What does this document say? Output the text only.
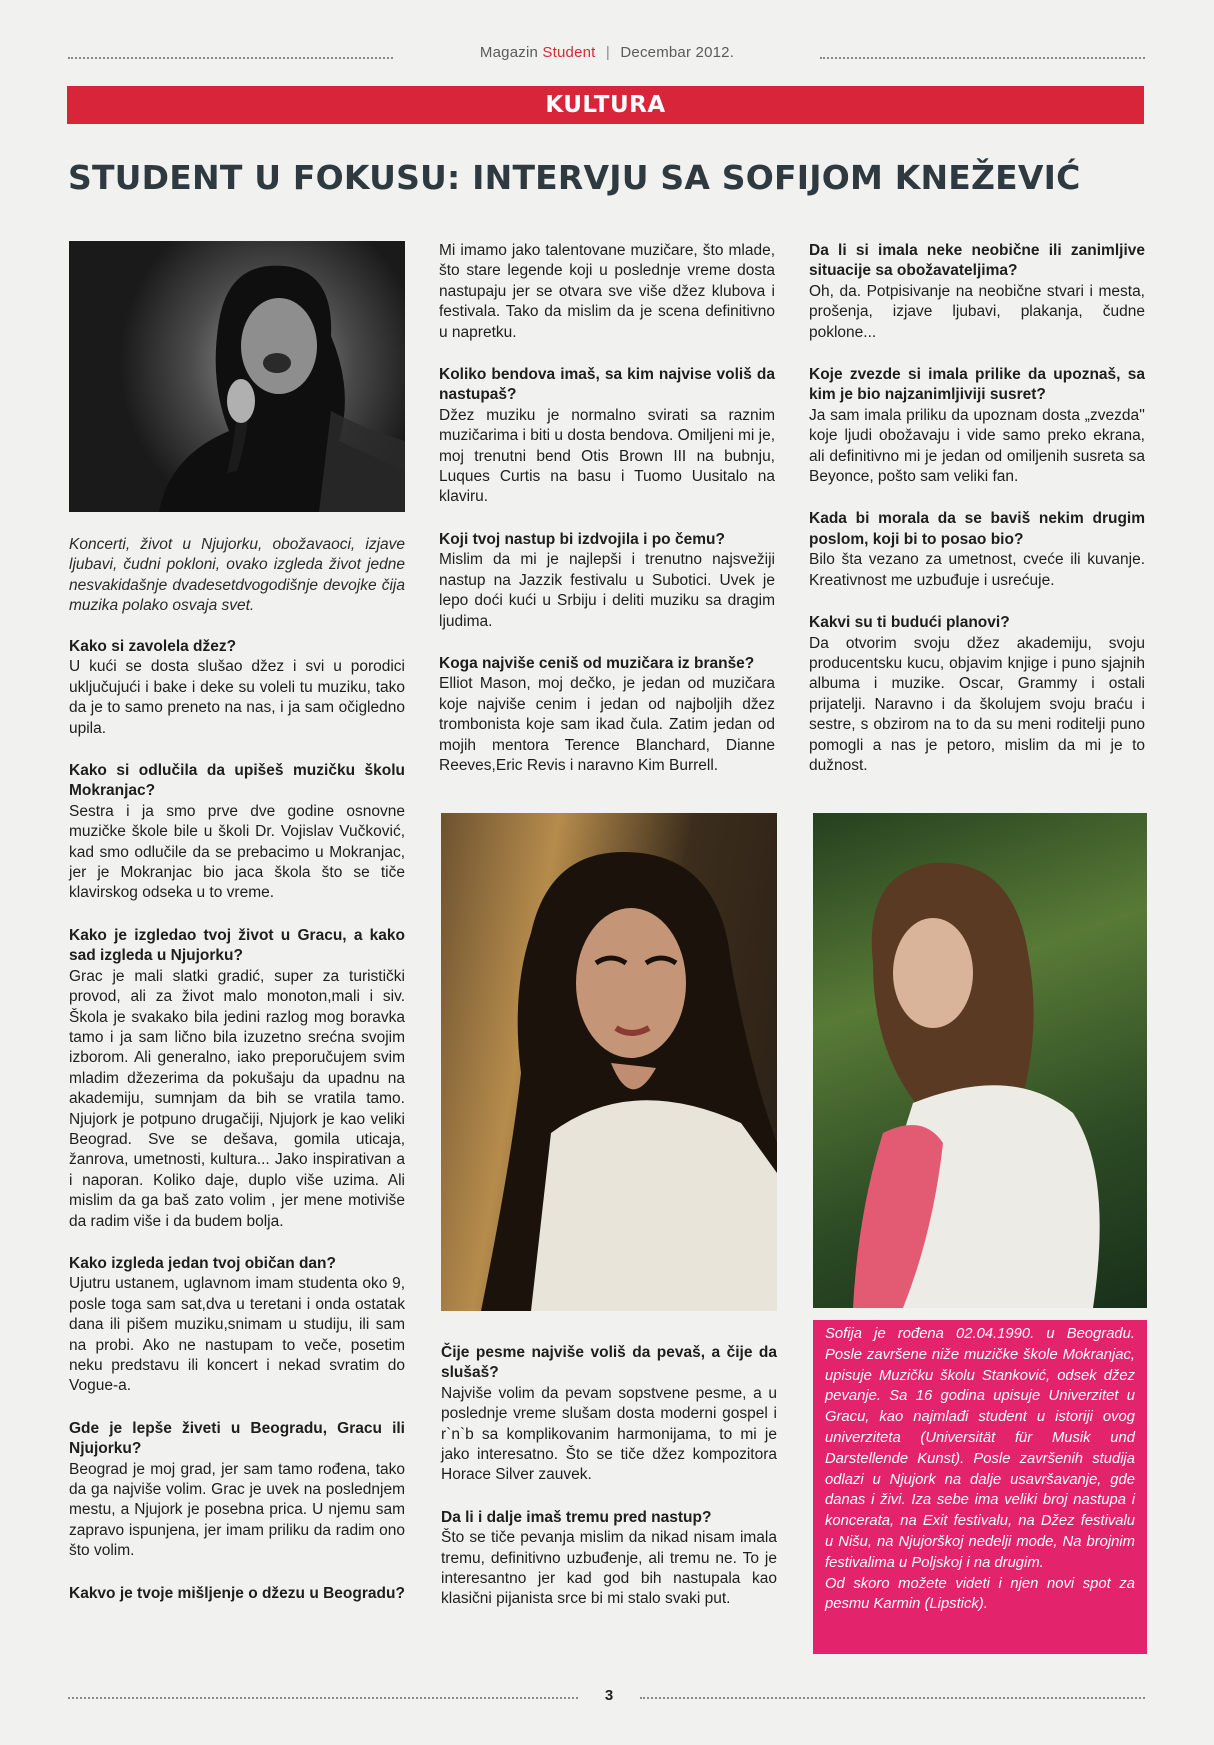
Magazin Student | Decembar 2012.
KULTURA
STUDENT U FOKUSU: INTERVJU SA SOFIJOM KNEŽEVIĆ
Koncerti, život u Njujorku, obožavaoci, izjave ljubavi, čudni pokloni, ovako izgleda život jedne nesvakidašnje dvadesetdvogodišnje devojke čija muzika polako osvaja svet.

Kako si zavolela džez?

U kući se dosta slušao džez i svi u porodici uključujući i bake i deke su voleli tu muziku, tako da je to samo preneto na nas, i ja sam očigledno upila.

Kako si odlučila da upišeš muzičku školu Mokranjac?

Sestra i ja smo prve dve godine osnovne muzičke škole bile u školi Dr. Vojislav Vučković, kad smo odlučile da se prebacimo u Mokranjac, jer je Mokranjac bio jaca škola što se tiče klavirskog odseka u to vreme.

Kako je izgledao tvoj život u Gracu, a kako sad izgleda u Njujorku?

Grac je mali slatki gradić, super za turistički provod, ali za život malo monoton,mali i siv. Škola je svakako bila jedini razlog mog boravka tamo i ja sam lično bila izuzetno srećna svojim izborom. Ali generalno, iako preporučujem svim mladim džezerima da pokušaju da upadnu na akademiju, sumnjam da bih se vratila tamo. Njujork je potpuno drugačiji, Njujork je kao veliki Beograd. Sve se dešava, gomila uticaja, žanrova, umetnosti, kultura... Jako inspirativan a i naporan. Koliko daje, duplo više uzima. Ali mislim da ga baš zato volim , jer mene motiviše da radim više i da budem bolja.

Kako izgleda jedan tvoj običan dan?

Ujutru ustanem, uglavnom imam studenta oko 9, posle toga sam sat,dva u teretani i onda ostatak dana ili pišem muziku,snimam u studiju, ili sam na probi. Ako ne nastupam to veče, posetim neku predstavu ili koncert i nekad svratim do Vogue-a.

Gde je lepše živeti u Beogradu, Gracu ili Njujorku?

Beograd je moj grad, jer sam tamo rođena, tako da ga najviše volim. Grac je uvek na poslednjem mestu, a Njujork je posebna prica. U njemu sam zapravo ispunjena, jer imam priliku da radim ono što volim.

Kakvo je tvoje mišljenje o džezu u Beogradu?

Mi imamo jako talentovane muzičare, što mlade, što stare legende koji u poslednje vreme dosta nastupaju jer se otvara sve više džez klubova i festivala. Tako da mislim da je scena definitivno u napretku.

Koliko bendova imaš, sa kim najvise voliš da nastupaš?

Džez muziku je normalno svirati sa raznim muzičarima i biti u dosta bendova. Omiljeni mi je, moj trenutni bend Otis Brown III na bubnju, Luques Curtis na basu i Tuomo Uusitalo na klaviru.

Koji tvoj nastup bi izdvojila i po čemu?

Mislim da mi je najlepši i trenutno najsvežiji nastup na Jazzik festivalu u Subotici. Uvek je lepo doći kući u Srbiju i deliti muziku sa dragim ljudima.

Koga najviše ceniš od muzičara iz branše?

Elliot Mason, moj dečko, je jedan od muzičara koje najviše cenim i jedan od najboljih džez trombonista koje sam ikad čula. Zatim jedan od mojih mentora Terence Blanchard, Dianne Reeves,Eric Revis i naravno Kim Burrell.

Čije pesme najviše voliš da pevaš, a čije da slušaš?

Najviše volim da pevam sopstvene pesme, a u poslednje vreme slušam dosta moderni gospel i r`n`b sa komplikovanim harmonijama, to mi je jako interesatno. Što se tiče džez kompozitora Horace Silver zauvek.

Da li i dalje imaš tremu pred nastup?

Što se tiče pevanja mislim da nikad nisam imala tremu, definitivno uzbuđenje, ali tremu ne. To je interesantno jer kad god bih nastupala kao klasični pijanista srce bi mi stalo svaki put.

Da li si imala neke neobične ili zanimljive situacije sa obožavateljima?

Oh, da. Potpisivanje na neobične stvari i mesta, prošenja, izjave ljubavi, plakanja, čudne poklone...

Koje zvezde si imala prilike da upoznaš, sa kim je bio najzanimljiviji susret?

Ja sam imala priliku da upoznam dosta „zvezda'' koje ljudi obožavaju i vide samo preko ekrana, ali definitivno mi je jedan od omiljenih susreta sa Beyonce, pošto sam veliki fan.

Kada bi morala da se baviš nekim drugim poslom, koji bi to posao bio?

Bilo šta vezano za umetnost, cveće ili kuvanje. Kreativnost me uzbuđuje i usrećuje.

Kakvi su ti budući planovi?

Da otvorim svoju džez akademiju, svoju producentsku kucu, objavim knjige i puno sjajnih albuma i muzike. Oscar, Grammy i ostali prijatelji. Naravno i da školujem svoju braću i sestre, s obzirom na to da su meni roditelji puno pomogli a nas je petoro, mislim da mi je to dužnost.

Sofija je rođena 02.04.1990. u Beogradu. Posle završene niže muzičke škole Mokranjac, upisuje Muzičku školu Stanković, odsek džez pevanje. Sa 16 godina upisuje Univerzitet u Gracu, kao najmlađi student u istoriji ovog univerziteta (Universität für Musik und Darstellende Kunst). Posle završenih studija odlazi u Njujork na dalje usavršavanje, gde danas i živi. Iza sebe ima veliki broj nastupa i koncerata, na Exit festivalu, na Džez festivalu u Nišu, na Njujorškoj nedelji mode, Na brojnim festivalima u Poljskoj i na drugim.

Od skoro možete videti i njen novi spot za pesmu Karmin (Lipstick).

3
